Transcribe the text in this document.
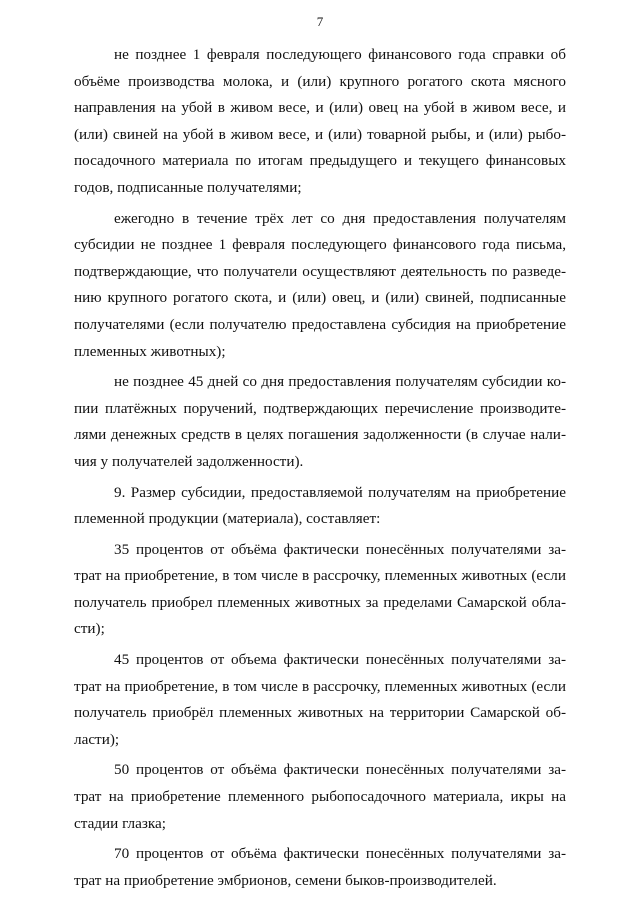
7

не позднее 1 февраля последующего финансового года справки об объёме производства молока, и (или) крупного рогатого скота мясного направления на убой в живом весе, и (или) овец на убой в живом весе, и (или) свиней на убой в живом весе, и (или) товарной рыбы, и (или) рыбопосадочного материала по итогам предыдущего и текущего финансовых годов, подписанные получателями;

ежегодно в течение трёх лет со дня предоставления получателям субсидии не позднее 1 февраля последующего финансового года письма, подтверждающие, что получатели осуществляют деятельность по разведению крупного рогатого скота, и (или) овец, и (или) свиней, подписанные получателями (если получателю предоставлена субсидия на приобретение племенных животных);

не позднее 45 дней со дня предоставления получателям субсидии копии платёжных поручений, подтверждающих перечисление производителями денежных средств в целях погашения задолженности (в случае наличия у получателей задолженности).

9. Размер субсидии, предоставляемой получателям на приобретение племенной продукции (материала), составляет:

35 процентов от объёма фактически понесённых получателями затрат на приобретение, в том числе в рассрочку, племенных животных (если получатель приобрел племенных животных за пределами Самарской области);

45 процентов от объема фактически понесённых получателями затрат на приобретение, в том числе в рассрочку, племенных животных (если получатель приобрёл племенных животных на территории Самарской области);

50 процентов от объёма фактически понесённых получателями затрат на приобретение племенного рыбопосадочного материала, икры на стадии глазка;

70 процентов от объёма фактически понесённых получателями затрат на приобретение эмбрионов, семени быков-производителей.
